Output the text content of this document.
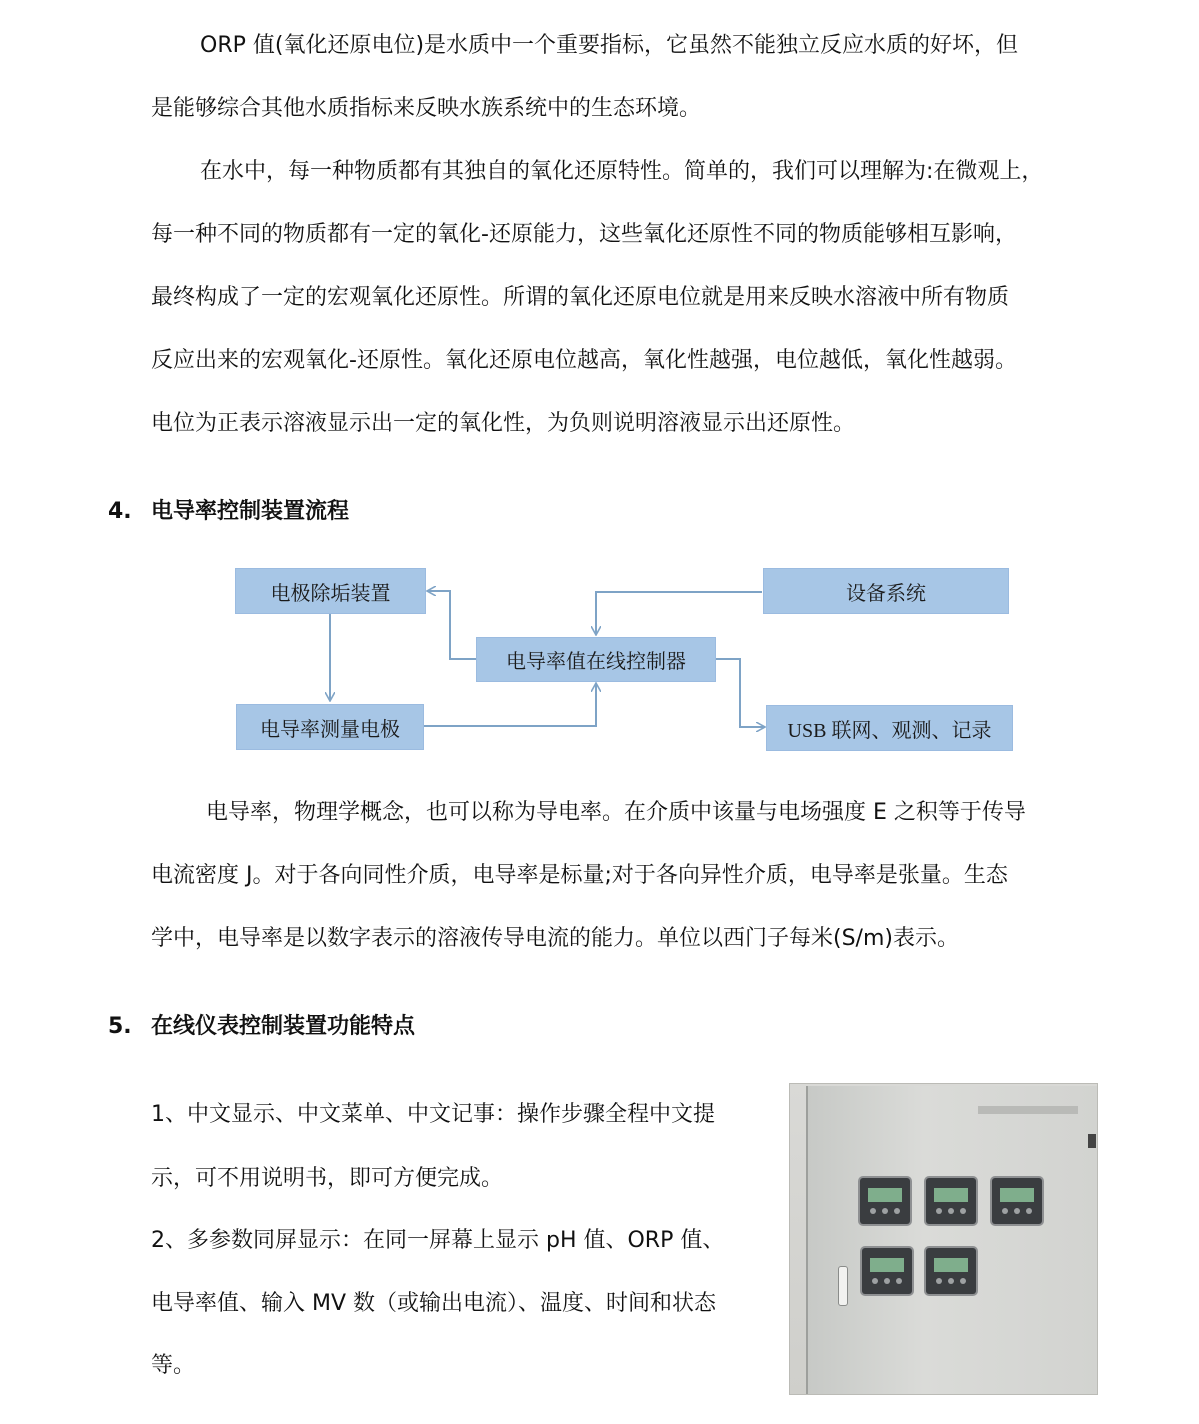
ORP 值(氧化还原电位)是水质中一个重要指标，它虽然不能独立反应水质的好坏，但
是能够综合其他水质指标来反映水族系统中的生态环境。
在水中，每一种物质都有其独自的氧化还原特性。简单的，我们可以理解为:在微观上，
每一种不同的物质都有一定的氧化-还原能力，这些氧化还原性不同的物质能够相互影响，
最终构成了一定的宏观氧化还原性。所谓的氧化还原电位就是用来反映水溶液中所有物质
反应出来的宏观氧化-还原性。氧化还原电位越高，氧化性越强，电位越低，氧化性越弱。
电位为正表示溶液显示出一定的氧化性，为负则说明溶液显示出还原性。
4. 电导率控制装置流程
电极除垢装置	设备系统
电导率值在线控制器
电导率测量电极	USB 联网、观测、记录
电导率，物理学概念，也可以称为导电率。在介质中该量与电场强度 E 之积等于传导
电流密度 J。对于各向同性介质，电导率是标量;对于各向异性介质，电导率是张量。生态
学中，电导率是以数字表示的溶液传导电流的能力。单位以西门子每米(S/m)表示。
5. 在线仪表控制装置功能特点
1、中文显示、中文菜单、中文记事：操作步骤全程中文提
示，可不用说明书，即可方便完成。
2、多参数同屏显示：在同一屏幕上显示 pH 值、ORP 值、
电导率值、输入 MV 数（或输出电流）、温度、时间和状态
等。
